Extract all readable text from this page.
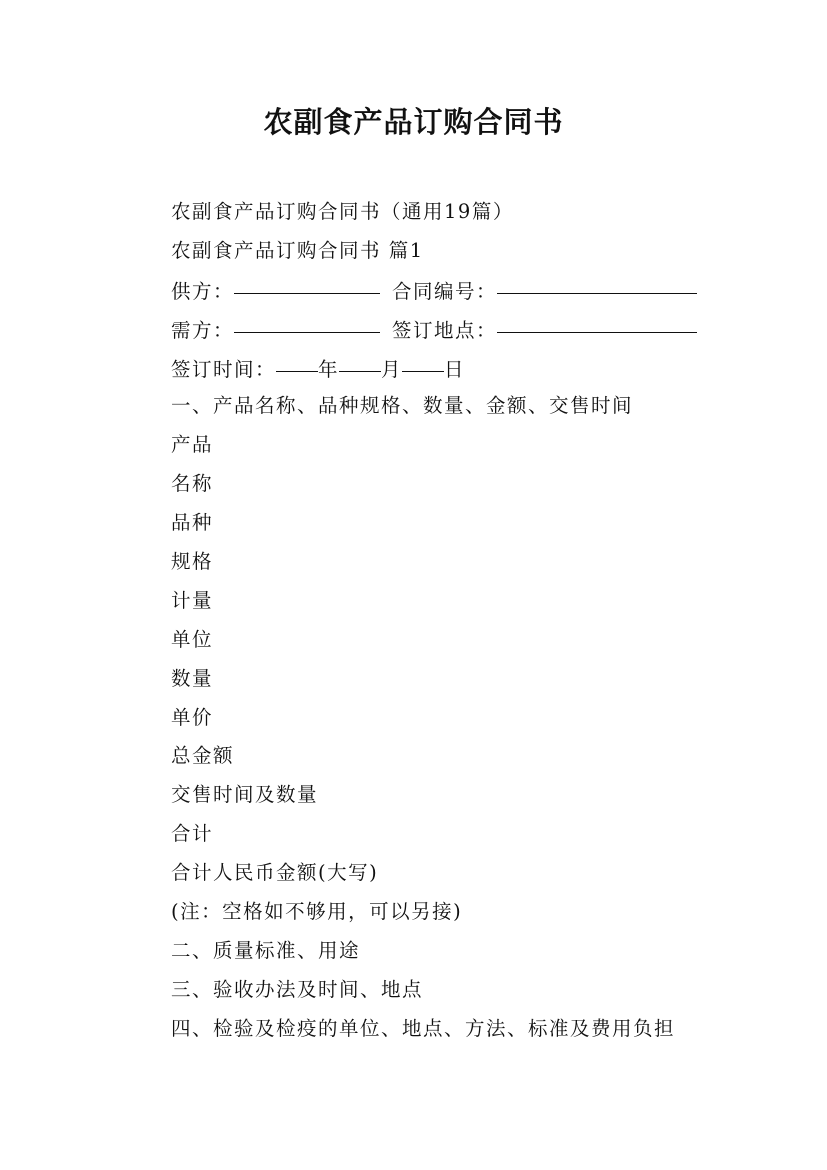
农副食产品订购合同书
农副食产品订购合同书（通用19篇）
农副食产品订购合同书 篇1
供方：	合同编号：
需方：	签订地点：
签订时间： 年 月 日
一、产品名称、品种规格、数量、金额、交售时间
产品
名称
品种
规格
计量
单位
数量
单价
总金额
交售时间及数量
合计
合计人民币金额(大写)
(注：空格如不够用，可以另接)
二、质量标准、用途
三、验收办法及时间、地点
四、检验及检疫的单位、地点、方法、标准及费用负担
